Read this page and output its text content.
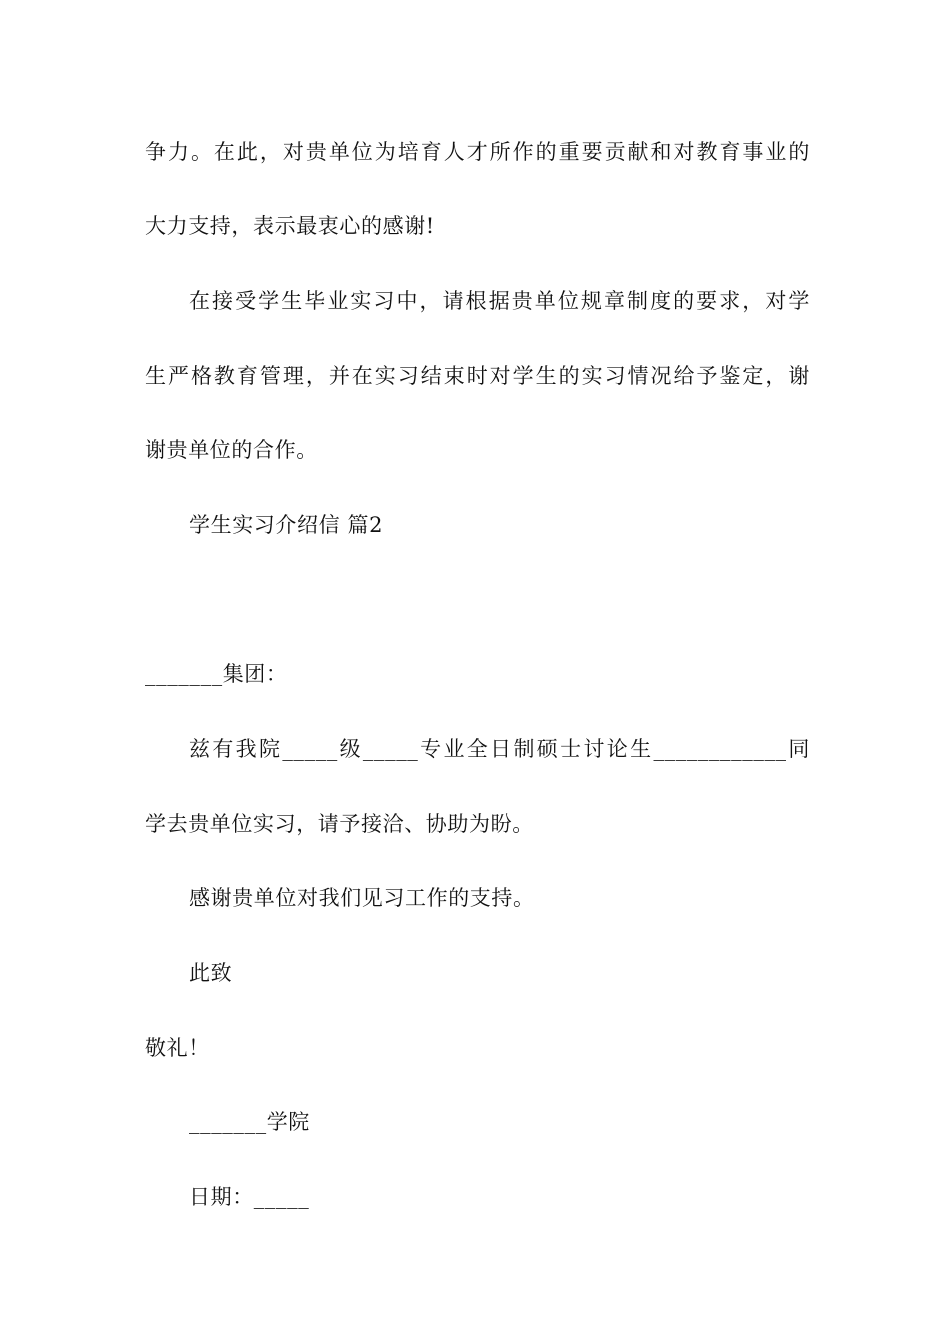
争力。在此，对贵单位为培育人才所作的重要贡献和对教育事业的
大力支持，表示最衷心的感谢!
在接受学生毕业实习中，请根据贵单位规章制度的要求，对学
生严格教育管理，并在实习结束时对学生的实习情况给予鉴定，谢
谢贵单位的合作。
学生实习介绍信 篇2
_______集团：
兹有我院_____级_____专业全日制硕士讨论生____________同
学去贵单位实习，请予接洽、协助为盼。
感谢贵单位对我们见习工作的支持。
此致
敬礼！
_______学院
日期：_____
